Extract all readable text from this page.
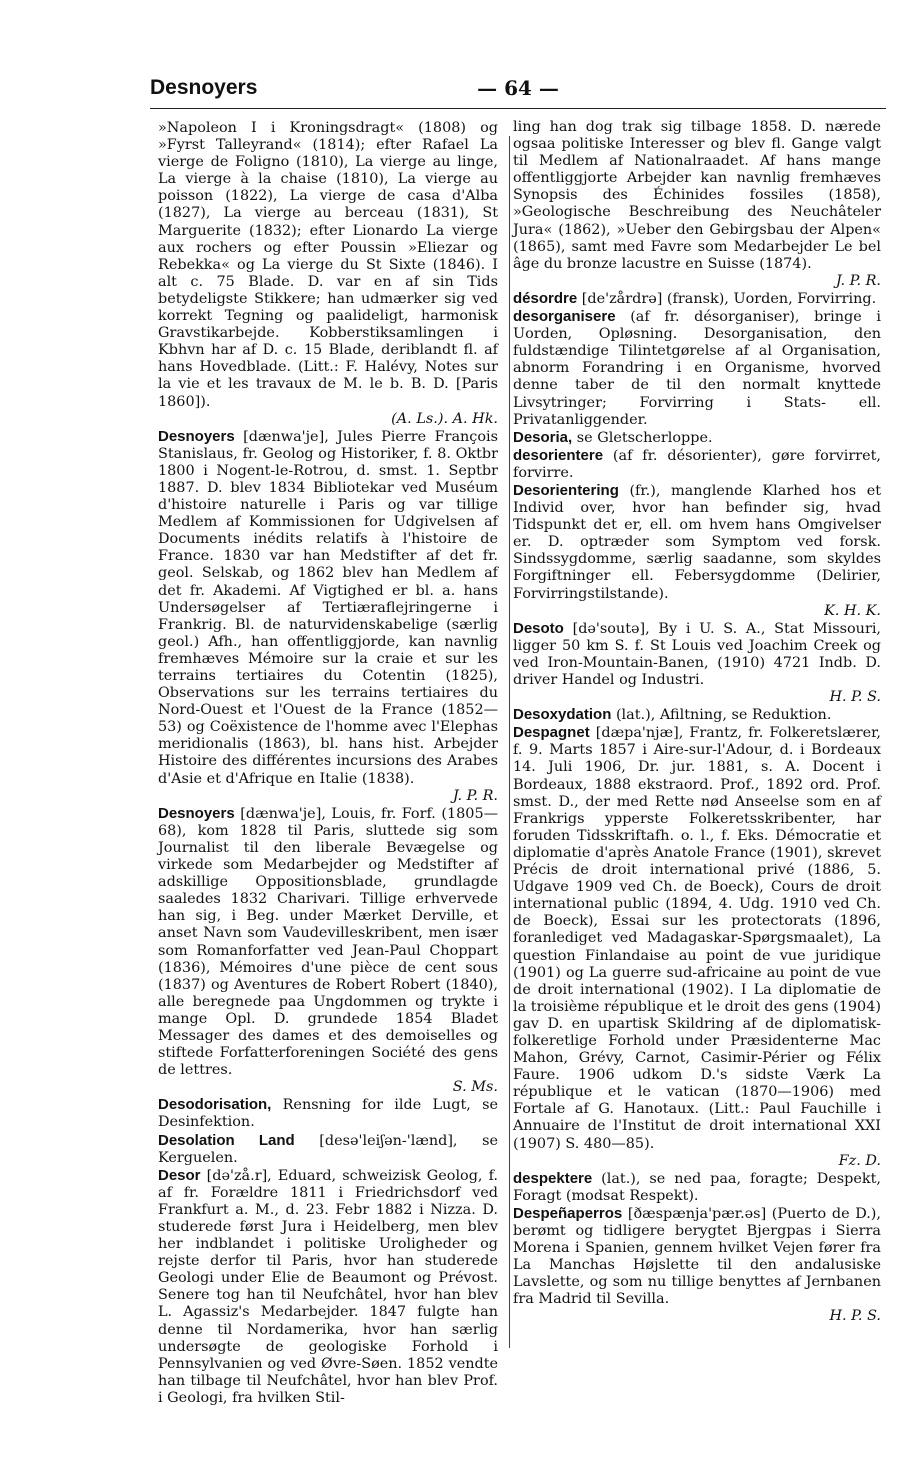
Desnoyers	— 64 —

»Napoleon I i Kroningsdragt« (1808) og »Fyrst Talleyrand« (1814); efter Rafael La vierge de Foligno (1810), La vierge au linge, La vierge à la chaise (1810), La vierge au poisson (1822), La vierge de casa d'Alba (1827), La vierge au berceau (1831), St Marguerite (1832); efter Lionardo La vierge aux rochers og efter Poussin »Eliezar og Rebekka« og La vierge du St Sixte (1846). I alt c. 75 Blade. D. var en af sin Tids betydeligste Stikkere; han udmærker sig ved korrekt Tegning og paalideligt, harmonisk Gravstikarbejde. Kobberstiksamlingen i Kbhvn har af D. c. 15 Blade, deriblandt fl. af hans Hovedblade. (Litt.: F. Halévy, Notes sur la vie et les travaux de M. le b. B. D. [Paris 1860]).
(A. Ls.). A. Hk.

Desnoyers [dænwa'je], Jules Pierre François Stanislaus, fr. Geolog og Historiker, f. 8. Oktbr 1800 i Nogent-le-Rotrou, d. smst. 1. Septbr 1887. D. blev 1834 Bibliotekar ved Muséum d'histoire naturelle i Paris og var tillige Medlem af Kommissionen for Udgivelsen af Documents inédits relatifs à l'histoire de France. 1830 var han Medstifter af det fr. geol. Selskab, og 1862 blev han Medlem af det fr. Akademi. Af Vigtighed er bl. a. hans Undersøgelser af Tertiæraflejringerne i Frankrig. Bl. de naturvidenskabelige (særlig geol.) Afh., han offentliggjorde, kan navnlig fremhæves Mémoire sur la craie et sur les terrains tertiaires du Cotentin (1825), Observations sur les terrains tertiaires du Nord-Ouest et l'Ouest de la France (1852—53) og Coëxistence de l'homme avec l'Elephas meridionalis (1863), bl. hans hist. Arbejder Histoire des différentes incursions des Arabes d'Asie et d'Afrique en Italie (1838).
J. P. R.

Desnoyers [dænwa'je], Louis, fr. Forf. (1805—68), kom 1828 til Paris, sluttede sig som Journalist til den liberale Bevægelse og virkede som Medarbejder og Medstifter af adskillige Oppositionsblade, grundlagde saaledes 1832 Charivari. Tillige erhvervede han sig, i Beg. under Mærket Derville, et anset Navn som Vaudevilleskribent, men især som Romanforfatter ved Jean-Paul Choppart (1836), Mémoires d'une pièce de cent sous (1837) og Aventures de Robert Robert (1840), alle beregnede paa Ungdommen og trykte i mange Opl. D. grundede 1854 Bladet Messager des dames et des demoiselles og stiftede Forfatterforeningen Société des gens de lettres.
S. Ms.

Desodorisation, Rensning for ilde Lugt, se Desinfektion.

Desolation Land [desə'leiʃən-'lænd], se Kerguelen.

Desor [də'zå.r], Eduard, schweizisk Geolog, f. af fr. Forældre 1811 i Friedrichsdorf ved Frankfurt a. M., d. 23. Febr 1882 i Nizza. D. studerede først Jura i Heidelberg, men blev her indblandet i politiske Uroligheder og rejste derfor til Paris, hvor han studerede Geologi under Elie de Beaumont og Prévost. Senere tog han til Neufchâtel, hvor han blev L. Agassiz's Medarbejder. 1847 fulgte han denne til Nordamerika, hvor han særlig undersøgte de geologiske Forhold i Pennsylvanien og ved Øvre-Søen. 1852 vendte han tilbage til Neufchâtel, hvor han blev Prof. i Geologi, fra hvilken Stil-

ling han dog trak sig tilbage 1858. D. nærede ogsaa politiske Interesser og blev fl. Gange valgt til Medlem af Nationalraadet. Af hans mange offentliggjorte Arbejder kan navnlig fremhæves Synopsis des Échinides fossiles (1858), »Geologische Beschreibung des Neuchâteler Jura« (1862), »Ueber den Gebirgsbau der Alpen« (1865), samt med Favre som Medarbejder Le bel âge du bronze lacustre en Suisse (1874).
J. P. R.

désordre [de'zårdrə] (fransk), Uorden, Forvirring.

desorganisere (af fr. désorganiser), bringe i Uorden, Opløsning. Desorganisation, den fuldstændige Tilintetgørelse af al Organisation, abnorm Forandring i en Organisme, hvorved denne taber de til den normalt knyttede Livsytringer; Forvirring i Stats- ell. Privatanliggender.

Desoria, se Gletscherloppe.

desorientere (af fr. désorienter), gøre forvirret, forvirre.

Desorientering (fr.), manglende Klarhed hos et Individ over, hvor han befinder sig, hvad Tidspunkt det er, ell. om hvem hans Omgivelser er. D. optræder som Symptom ved forsk. Sindssygdomme, særlig saadanne, som skyldes Forgiftninger ell. Febersygdomme (Delirier, Forvirringstilstande).
K. H. K.

Desoto [də'soutə], By i U. S. A., Stat Missouri, ligger 50 km S. f. St Louis ved Joachim Creek og ved Iron-Mountain-Banen, (1910) 4721 Indb. D. driver Handel og Industri.
H. P. S.

Desoxydation (lat.), Afiltning, se Reduktion.

Despagnet [dæpa'njæ], Frantz, fr. Folkeretslærer, f. 9. Marts 1857 i Aire-sur-l'Adour, d. i Bordeaux 14. Juli 1906, Dr. jur. 1881, s. A. Docent i Bordeaux, 1888 ekstraord. Prof., 1892 ord. Prof. smst. D., der med Rette nød Anseelse som en af Frankrigs ypperste Folkeretsskribenter, har foruden Tidsskriftafh. o. l., f. Eks. Démocratie et diplomatie d'après Anatole France (1901), skrevet Précis de droit international privé (1886, 5. Udgave 1909 ved Ch. de Boeck), Cours de droit international public (1894, 4. Udg. 1910 ved Ch. de Boeck), Essai sur les protectorats (1896, foranlediget ved Madagaskar-Spørgsmaalet), La question Finlandaise au point de vue juridique (1901) og La guerre sud-africaine au point de vue de droit international (1902). I La diplomatie de la troisième république et le droit des gens (1904) gav D. en upartisk Skildring af de diplomatisk-folkeretlige Forhold under Præsidenterne Mac Mahon, Grévy, Carnot, Casimir-Périer og Félix Faure. 1906 udkom D.'s sidste Værk La république et le vatican (1870—1906) med Fortale af G. Hanotaux. (Litt.: Paul Fauchille i Annuaire de l'Institut de droit international XXI (1907) S. 480—85).
Fz. D.

despektere (lat.), se ned paa, foragte; Despekt, Foragt (modsat Respekt).

Despeñaperros [ðæspænja'pær.əs] (Puerto de D.), berømt og tidligere berygtet Bjergpas i Sierra Morena i Spanien, gennem hvilket Vejen fører fra La Manchas Højslette til den andalusiske Lavslette, og som nu tillige benyttes af Jernbanen fra Madrid til Sevilla.
H. P. S.
